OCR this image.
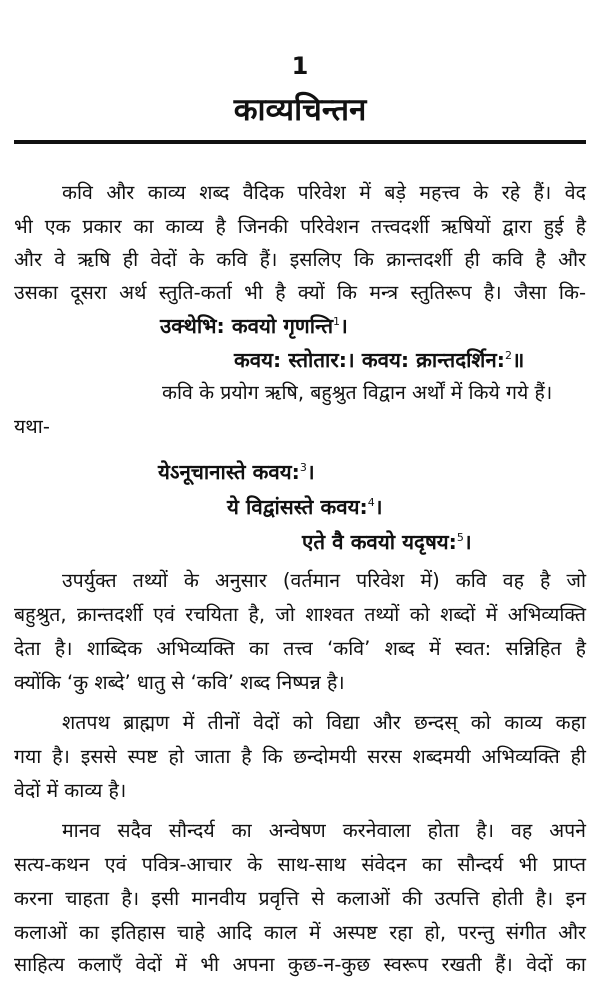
1
काव्यचिन्तन
कवि और काव्य शब्द वैदिक परिवेश में बड़े महत्त्व के रहे हैं। वेद
भी एक प्रकार का काव्य है जिनकी परिवेशन तत्त्वदर्शी ऋषियों द्वारा हुई है
और वे ऋषि ही वेदों के कवि हैं। इसलिए कि क्रान्तदर्शी ही कवि है और
उसका दूसरा अर्थ स्तुति-कर्ता भी है क्यों कि मन्त्र स्तुतिरूप है। जैसा कि-
उक्थेभि: कवयो गृणन्ति$^1$।
कवय: स्तोतार:। कवय: क्रान्तदर्शिन:$^2$॥
कवि के प्रयोग ऋषि, बहुश्रुत विद्वान अर्थों में किये गये हैं।
यथा-
येऽनूचानास्ते कवय:$^3$।
ये विद्वांसस्ते कवय:$^4$।
एते वै कवयो यदृषय:$^5$।
उपर्युक्त तथ्यों के अनुसार (वर्तमान परिवेश में) कवि वह है जो
बहुश्रुत, क्रान्तदर्शी एवं रचयिता है, जो शाश्वत तथ्यों को शब्दों में अभिव्यक्ति
देता है। शाब्दिक अभिव्यक्ति का तत्त्व ‘कवि’ शब्द में स्वत: सन्निहित है
क्योंकि ‘कु शब्दे’ धातु से ‘कवि’ शब्द निष्पन्न है।
शतपथ ब्राह्मण में तीनों वेदों को विद्या और छन्दस् को काव्य कहा
गया है। इससे स्पष्ट हो जाता है कि छन्दोमयी सरस शब्दमयी अभिव्यक्ति ही
वेदों में काव्य है।
मानव सदैव सौन्दर्य का अन्वेषण करनेवाला होता है। वह अपने
सत्य-कथन एवं पवित्र-आचार के साथ-साथ संवेदन का सौन्दर्य भी प्राप्त
करना चाहता है। इसी मानवीय प्रवृत्ति से कलाओं की उत्पत्ति होती है। इन
कलाओं का इतिहास चाहे आदि काल में अस्पष्ट रहा हो, परन्तु संगीत और
साहित्य कलाएँ वेदों में भी अपना कुछ-न-कुछ स्वरूप रखती हैं। वेदों का
